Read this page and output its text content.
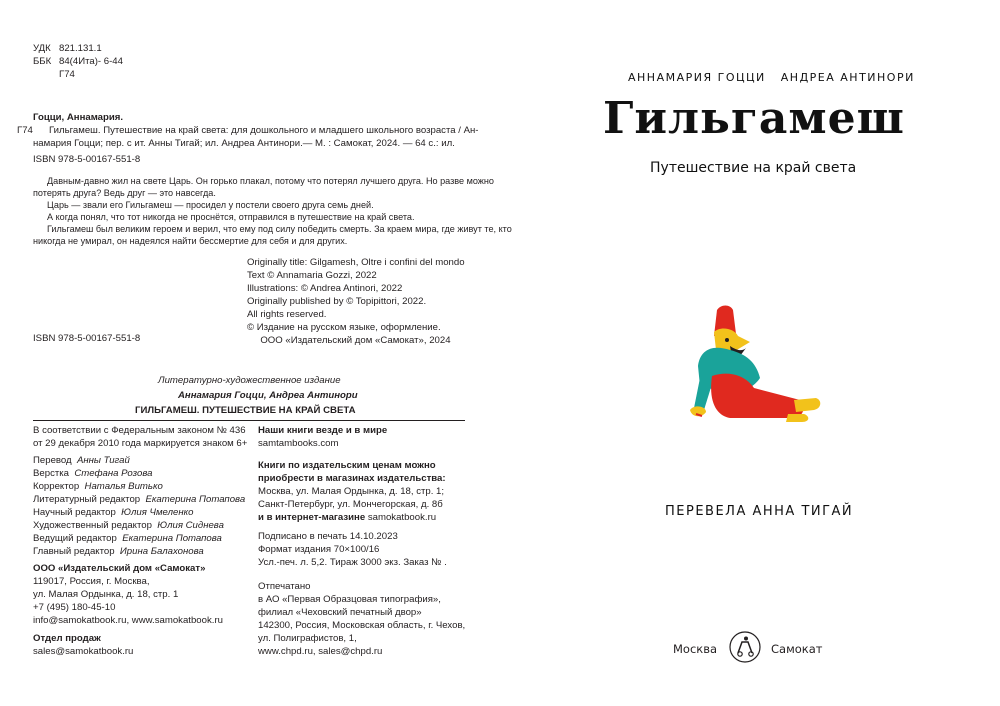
УДК 821.131.1
ББК 84(4Ита)- 6-44
Г74
Гоцци, Аннамария.
Г74 Гильгамеш. Путешествие на край света: для дошкольного и младшего школьного возраста / Ан-
намария Гоцци; пер. с ит. Анны Тигай; ил. Андреа Антинори.— М. : Самокат, 2024. — 64 с.: ил.
ISBN 978-5-00167-551-8
Давным-давно жил на свете Царь. Он горько плакал, потому что потерял лучшего друга. Но разве можно
потерять друга? Ведь друг — это навсегда.
Царь — звали его Гильгамеш — просидел у постели своего друга семь дней.
А когда понял, что тот никогда не проснётся, отправился в путешествие на край света.
Гильгамеш был великим героем и верил, что ему под силу победить смерть. За краем мира, где живут те, кто
никогда не умирал, он надеялся найти бессмертие для себя и для других.
Originally title: Gilgamesh, Oltre i confini del mondo
Text © Annamaria Gozzi, 2022
Illustrations: © Andrea Antinori, 2022
Originally published by © Topipittori, 2022.
All rights reserved.
© Издание на русском языке, оформление.
ООО «Издательский дом «Самокат», 2024
ISBN 978-5-00167-551-8
Литературно-художественное издание
Аннамария Гоцци, Андреа Антинори
ГИЛЬГАМЕШ. ПУТЕШЕСТВИЕ НА КРАЙ СВЕТА
В соответствии с Федеральным законом № 436
от 29 декабря 2010 года маркируется знаком 6+
Перевод Анны Тигай
Верстка Стефана Розова
Корректор Наталья Витько
Литературный редактор Екатерина Потапова
Научный редактор Юлия Чмеленко
Художественный редактор Юлия Сиднева
Ведущий редактор Екатерина Потапова
Главный редактор Ирина Балахонова
ООО «Издательский дом «Самокат»
119017, Россия, г. Москва,
ул. Малая Ордынка, д. 18, стр. 1
+7 (495) 180-45-10
info@samokatbook.ru, www.samokatbook.ru
Отдел продаж
sales@samokatbook.ru
Наши книги везде и в мире
samtambooks.com
Книги по издательским ценам можно
приобрести в магазинах издательства:
Москва, ул. Малая Ордынка, д. 18, стр. 1;
Санкт-Петербург, ул. Мончегорская, д. 8б
и в интернет-магазине samokatbook.ru
Подписано в печать 14.10.2023
Формат издания 70×100/16
Усл.-печ. л. 5,2. Тираж 3000 экз. Заказ № .
Отпечатано
в АО «Первая Образцовая типография»,
филиал «Чеховский печатный двор»
142300, Россия, Московская область, г. Чехов,
ул. Полиграфистов, 1,
www.chpd.ru, sales@chpd.ru
АННАМАРИЯ ГОЦЦИ   АНДРЕА АНТИНОРИ
Гильгамеш
Путешествие на край света
ПЕРЕВЕЛА АННА ТИГАЙ
Москва	Самокат
